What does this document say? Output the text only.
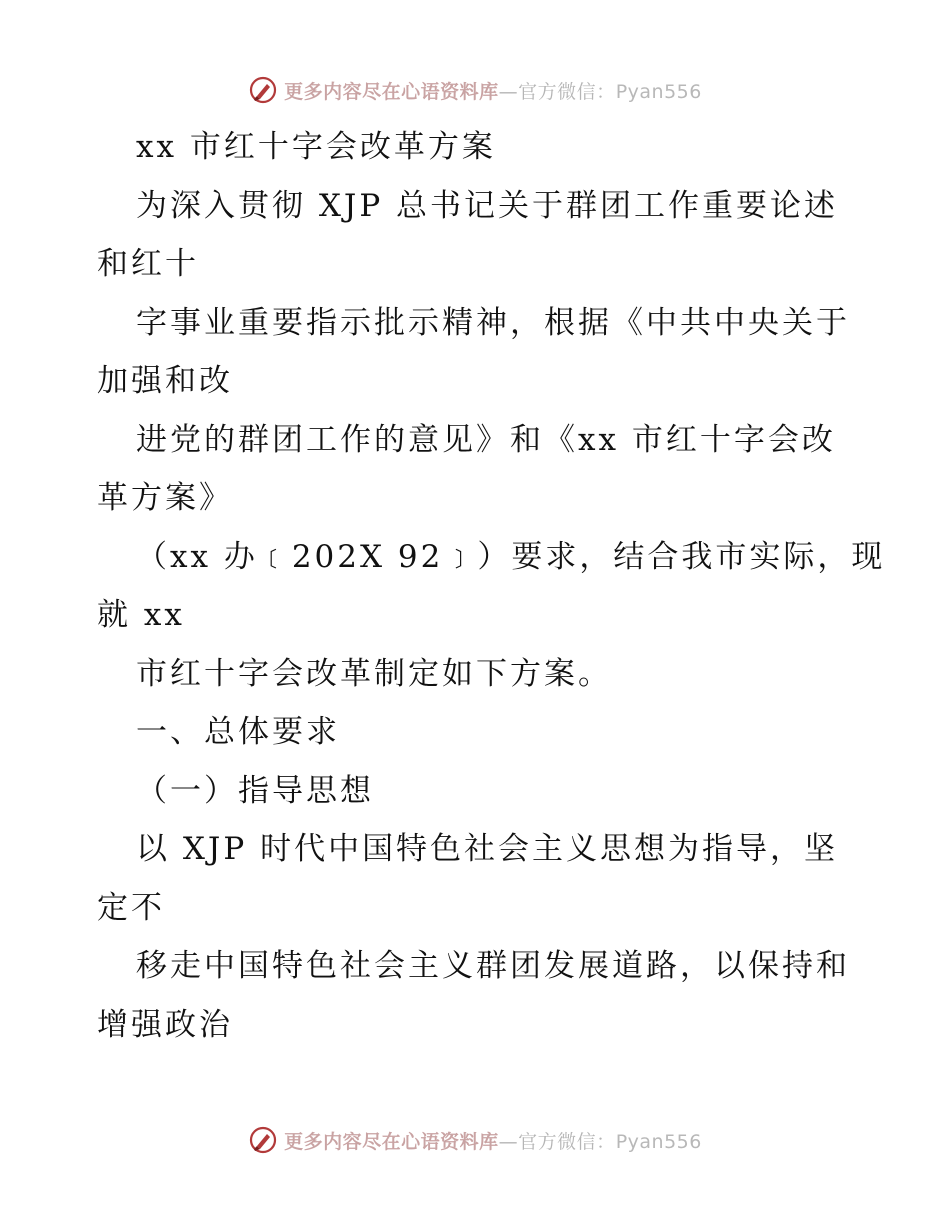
更多内容尽在心语资料库—官方微信：Pyan556
xx 市红十字会改革方案
为深入贯彻 XJP 总书记关于群团工作重要论述
和红十
字事业重要指示批示精神，根据《中共中央关于
加强和改
进党的群团工作的意见》和《xx 市红十字会改
革方案》
（xx 办﹝202X 92﹞）要求，结合我市实际，现
就 xx
市红十字会改革制定如下方案。
一、总体要求
（一）指导思想
以 XJP 时代中国特色社会主义思想为指导，坚
定不
移走中国特色社会主义群团发展道路，以保持和
增强政治
更多内容尽在心语资料库—官方微信：Pyan556
